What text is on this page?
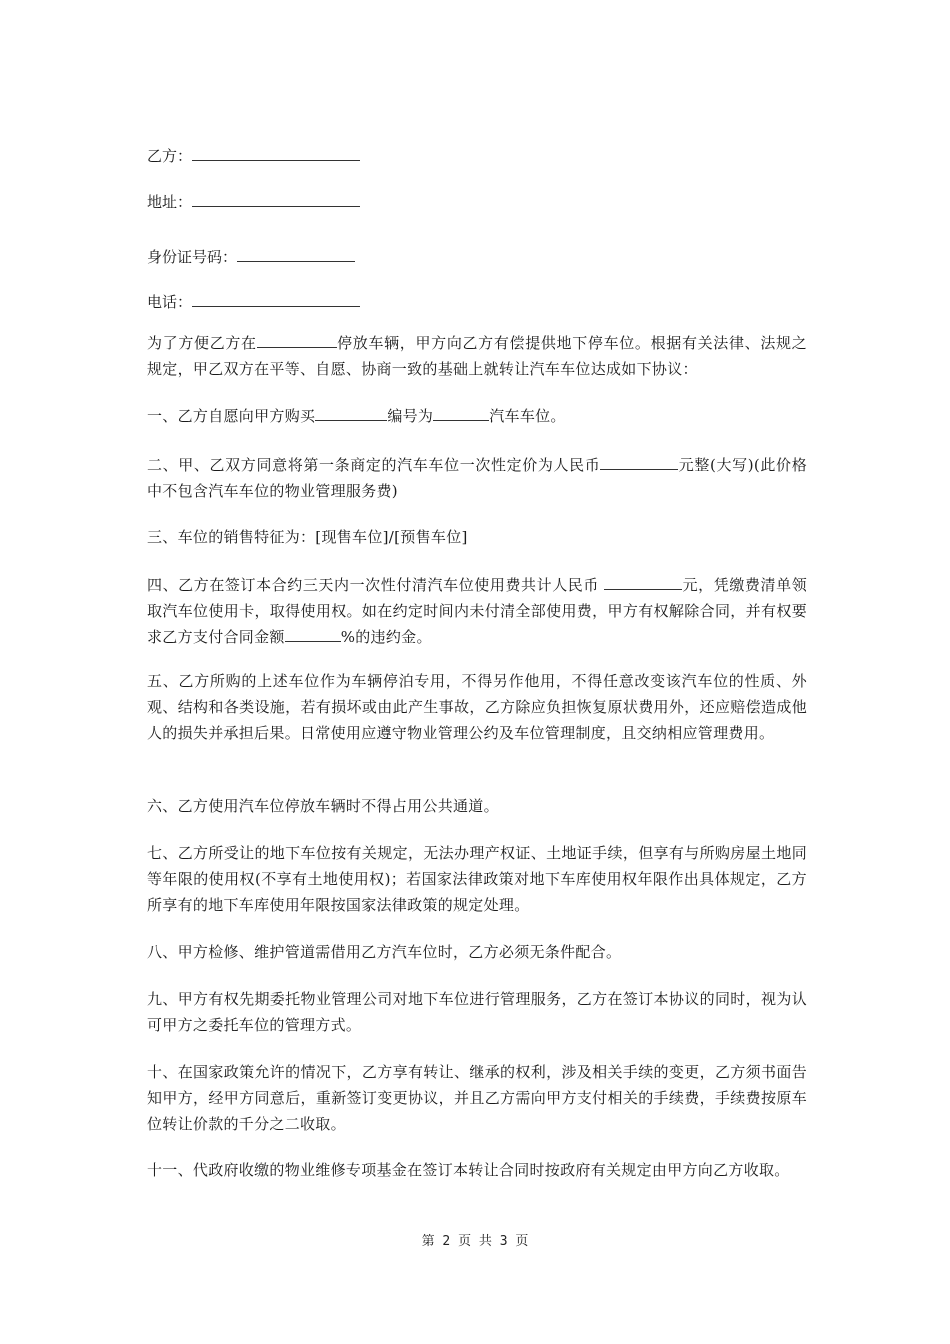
乙方：
地址：
身份证号码：
电话：
为了方便乙方在	停放车辆，甲方向乙方有偿提供地下停车位。根据有关法律、法规之规定，甲乙双方在平等、自愿、协商一致的基础上就转让汽车车位达成如下协议：
一、乙方自愿向甲方购买	编号为	汽车车位。
二、甲、乙双方同意将第一条商定的汽车车位一次性定价为人民币	元整(大写)(此价格中不包含汽车车位的物业管理服务费)
三、车位的销售特征为：[现售车位]/[预售车位]
四、乙方在签订本合约三天内一次性付清汽车位使用费共计人民币	元，凭缴费清单领取汽车位使用卡，取得使用权。如在约定时间内未付清全部使用费，甲方有权解除合同，并有权要求乙方支付合同金额	%的违约金。
五、乙方所购的上述车位作为车辆停泊专用，不得另作他用，不得任意改变该汽车位的性质、外观、结构和各类设施，若有损坏或由此产生事故，乙方除应负担恢复原状费用外，还应赔偿造成他人的损失并承担后果。日常使用应遵守物业管理公约及车位管理制度，且交纳相应管理费用。
六、乙方使用汽车位停放车辆时不得占用公共通道。
七、乙方所受让的地下车位按有关规定，无法办理产权证、土地证手续，但享有与所购房屋土地同等年限的使用权(不享有土地使用权)；若国家法律政策对地下车库使用权年限作出具体规定，乙方所享有的地下车库使用年限按国家法律政策的规定处理。
八、甲方检修、维护管道需借用乙方汽车位时，乙方必须无条件配合。
九、甲方有权先期委托物业管理公司对地下车位进行管理服务，乙方在签订本协议的同时，视为认可甲方之委托车位的管理方式。
十、在国家政策允许的情况下，乙方享有转让、继承的权利，涉及相关手续的变更，乙方须书面告知甲方，经甲方同意后，重新签订变更协议，并且乙方需向甲方支付相关的手续费，手续费按原车位转让价款的千分之二收取。
十一、代政府收缴的物业维修专项基金在签订本转让合同时按政府有关规定由甲方向乙方收取。
第 2 页 共 3 页
